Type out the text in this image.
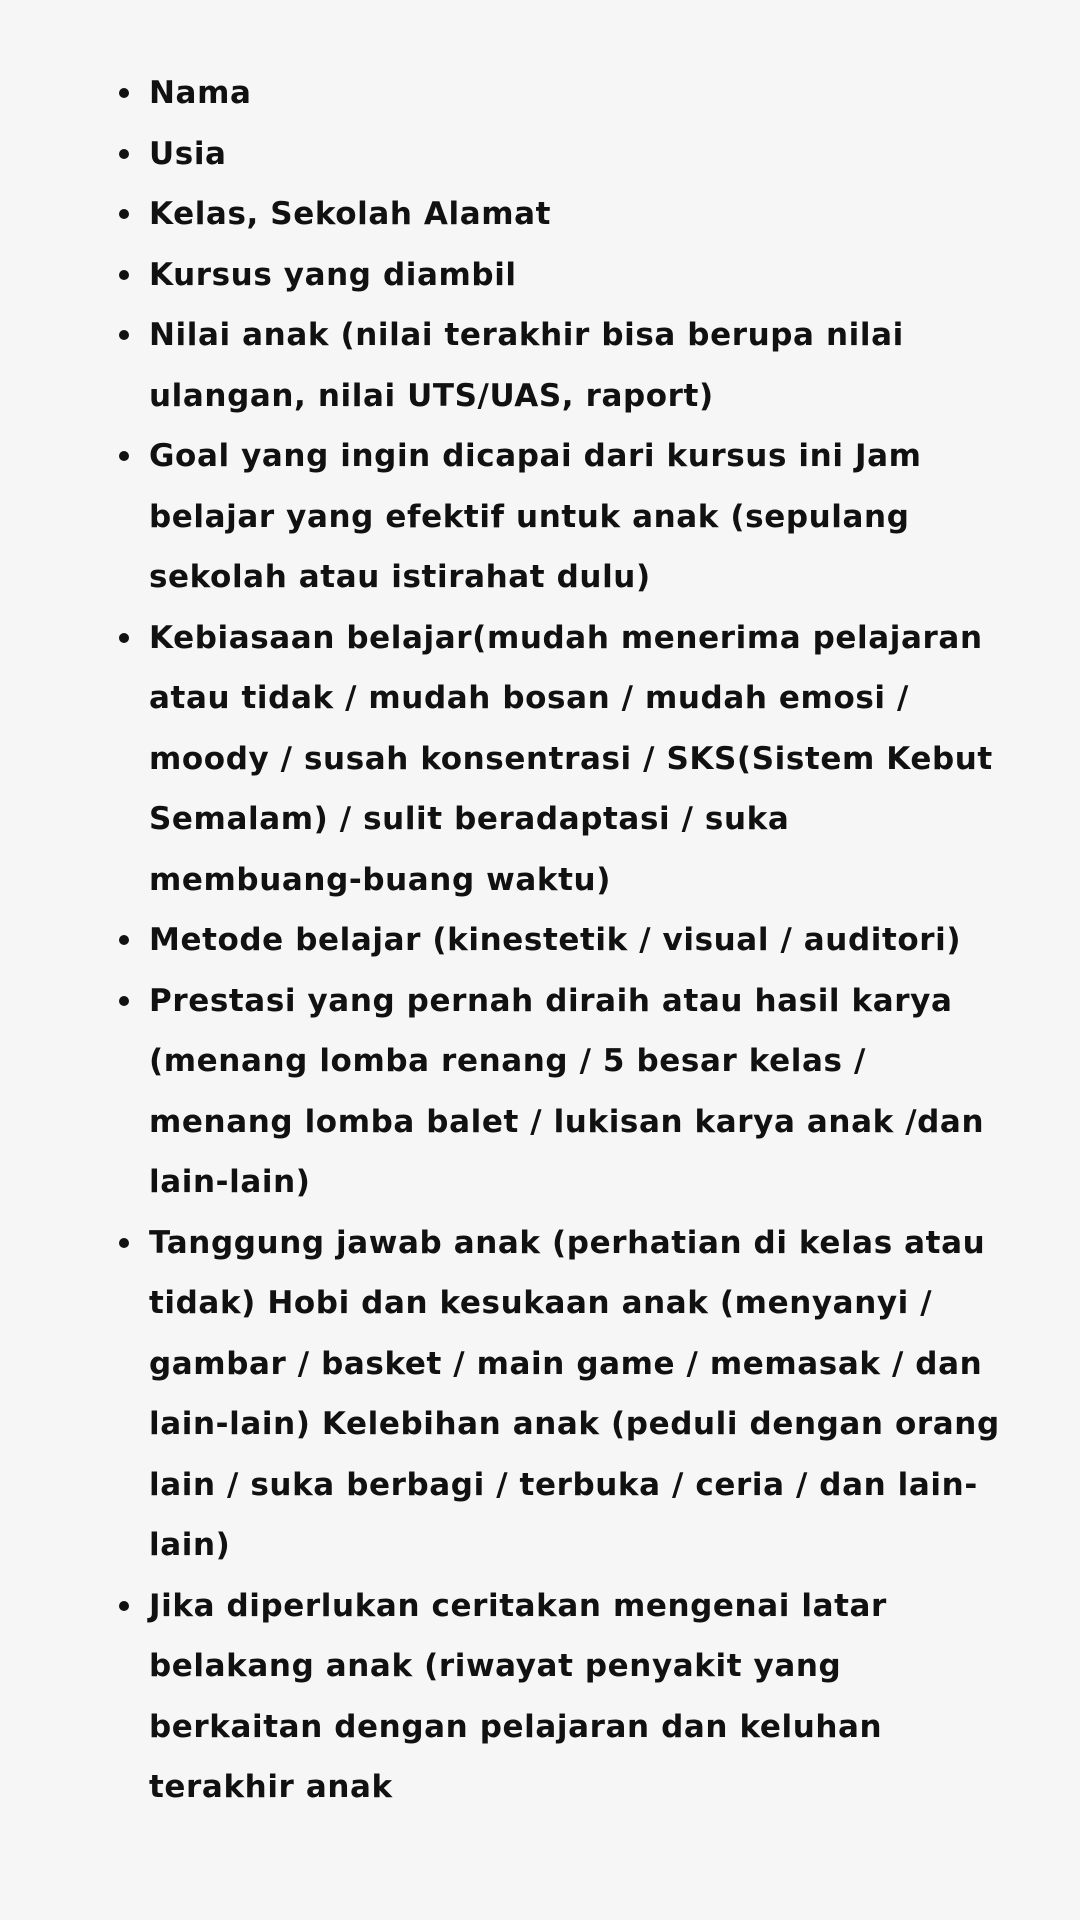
Nama
Usia
Kelas, Sekolah Alamat
Kursus yang diambil
Nilai anak (nilai terakhir bisa berupa nilai ulangan, nilai UTS/UAS, raport)
Goal yang ingin dicapai dari kursus ini Jam belajar yang efektif untuk anak (sepulang sekolah atau istirahat dulu)
Kebiasaan belajar(mudah menerima pelajaran atau tidak / mudah bosan / mudah emosi / moody / susah konsentrasi / SKS(Sistem Kebut Semalam) / sulit beradaptasi / suka membuang-buang waktu)
Metode belajar (kinestetik / visual / auditori)
Prestasi yang pernah diraih atau hasil karya (menang lomba renang / 5 besar kelas / menang lomba balet / lukisan karya anak /dan lain-lain)
Tanggung jawab anak (perhatian di kelas atau tidak) Hobi dan kesukaan anak (menyanyi / gambar / basket / main game / memasak / dan lain-lain) Kelebihan anak (peduli dengan orang lain / suka berbagi / terbuka / ceria / dan lain-lain)
Jika diperlukan ceritakan mengenai latar belakang anak (riwayat penyakit yang berkaitan dengan pelajaran dan keluhan terakhir anak
